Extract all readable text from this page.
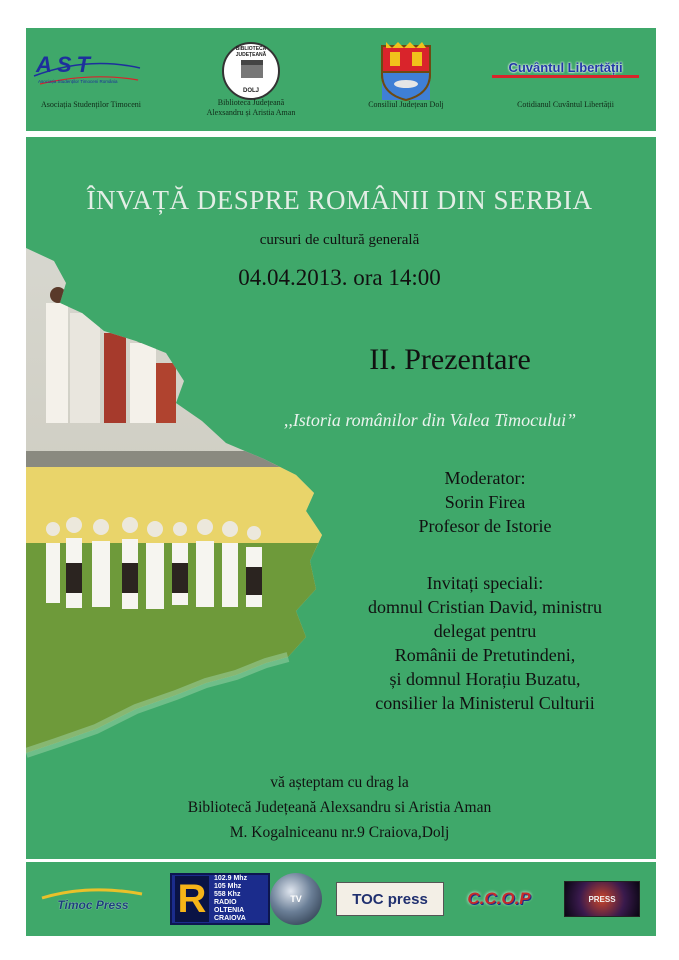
AST
Asociația Studenților Timoceni România
Asociația Studenților Timoceni
BIBLIOTECA JUDEȚEANĂ
DOLJ
Biblioteca Județeană
Alexsandru și Aristia Aman
Consiliul Județean Dolj
Cuvântul Libertății
Cotidianul Cuvântul Libertății
ÎNVAȚĂ DESPRE ROMÂNII DIN SERBIA
cursuri de cultură generală
04.04.2013. ora 14:00
II. Prezentare
,,Istoria românilor din Valea Timocului”
Moderator:
Sorin Firea
Profesor de Istorie
Invitați speciali:
domnul Cristian David, ministru
delegat pentru
Românii de Pretutindeni,
și domnul Horațiu Buzatu,
consilier la Ministerul Culturii
vă așteptam cu drag la
Bibliotecă Județeană Alexsandru si Aristia Aman
M. Kogalniceanu nr.9 Craiova,Dolj
Timoc Press R	102.9 Mhz
105 Mhz
558 Khz
RADIO
OLTENIA
CRAIOVA
TV	TOC press	C.C.O.P	PRESS
